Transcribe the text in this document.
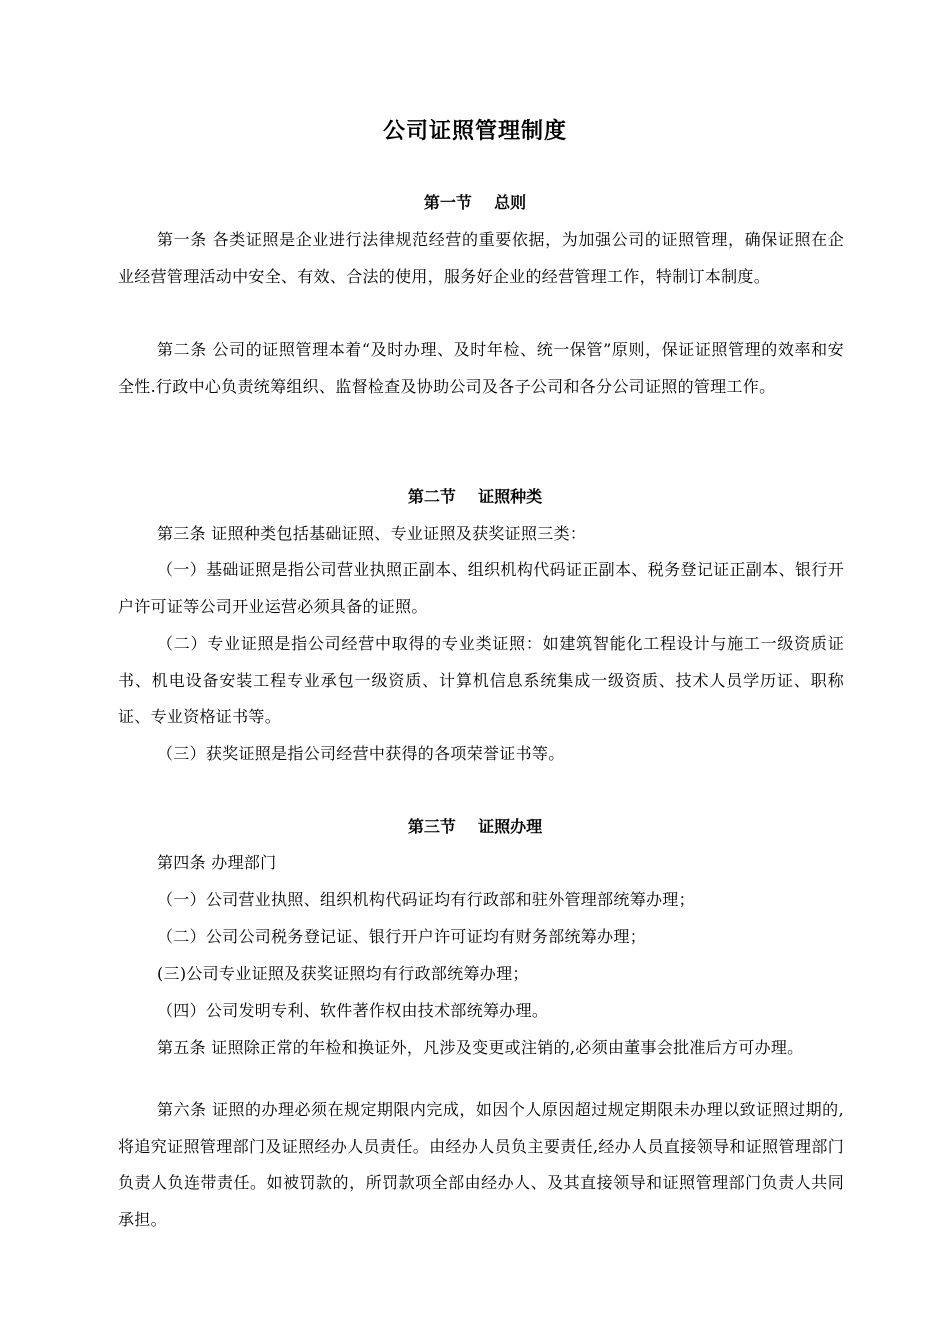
公司证照管理制度
第一节    总则
第一条 各类证照是企业进行法律规范经营的重要依据，为加强公司的证照管理，确保证照在企业经营管理活动中安全、有效、合法的使用，服务好企业的经营管理工作，特制订本制度。
第二条 公司的证照管理本着“及时办理、及时年检、统一保管”原则，保证证照管理的效率和安全性.行政中心负责统筹组织、监督检查及协助公司及各子公司和各分公司证照的管理工作。
第二节    证照种类
第三条 证照种类包括基础证照、专业证照及获奖证照三类：
（一）基础证照是指公司营业执照正副本、组织机构代码证正副本、税务登记证正副本、银行开户许可证等公司开业运营必须具备的证照。
（二）专业证照是指公司经营中取得的专业类证照：如建筑智能化工程设计与施工一级资质证书、机电设备安装工程专业承包一级资质、计算机信息系统集成一级资质、技术人员学历证、职称证、专业资格证书等。
（三）获奖证照是指公司经营中获得的各项荣誉证书等。
第三节    证照办理
第四条 办理部门
（一）公司营业执照、组织机构代码证均有行政部和驻外管理部统筹办理；
（二）公司公司税务登记证、银行开户许可证均有财务部统筹办理；
(三)公司专业证照及获奖证照均有行政部统筹办理；
（四）公司发明专利、软件著作权由技术部统筹办理。
第五条 证照除正常的年检和换证外，凡涉及变更或注销的,必须由董事会批准后方可办理。
第六条 证照的办理必须在规定期限内完成，如因个人原因超过规定期限未办理以致证照过期的,将追究证照管理部门及证照经办人员责任。由经办人员负主要责任,经办人员直接领导和证照管理部门负责人负连带责任。如被罚款的，所罚款项全部由经办人、及其直接领导和证照管理部门负责人共同承担。
